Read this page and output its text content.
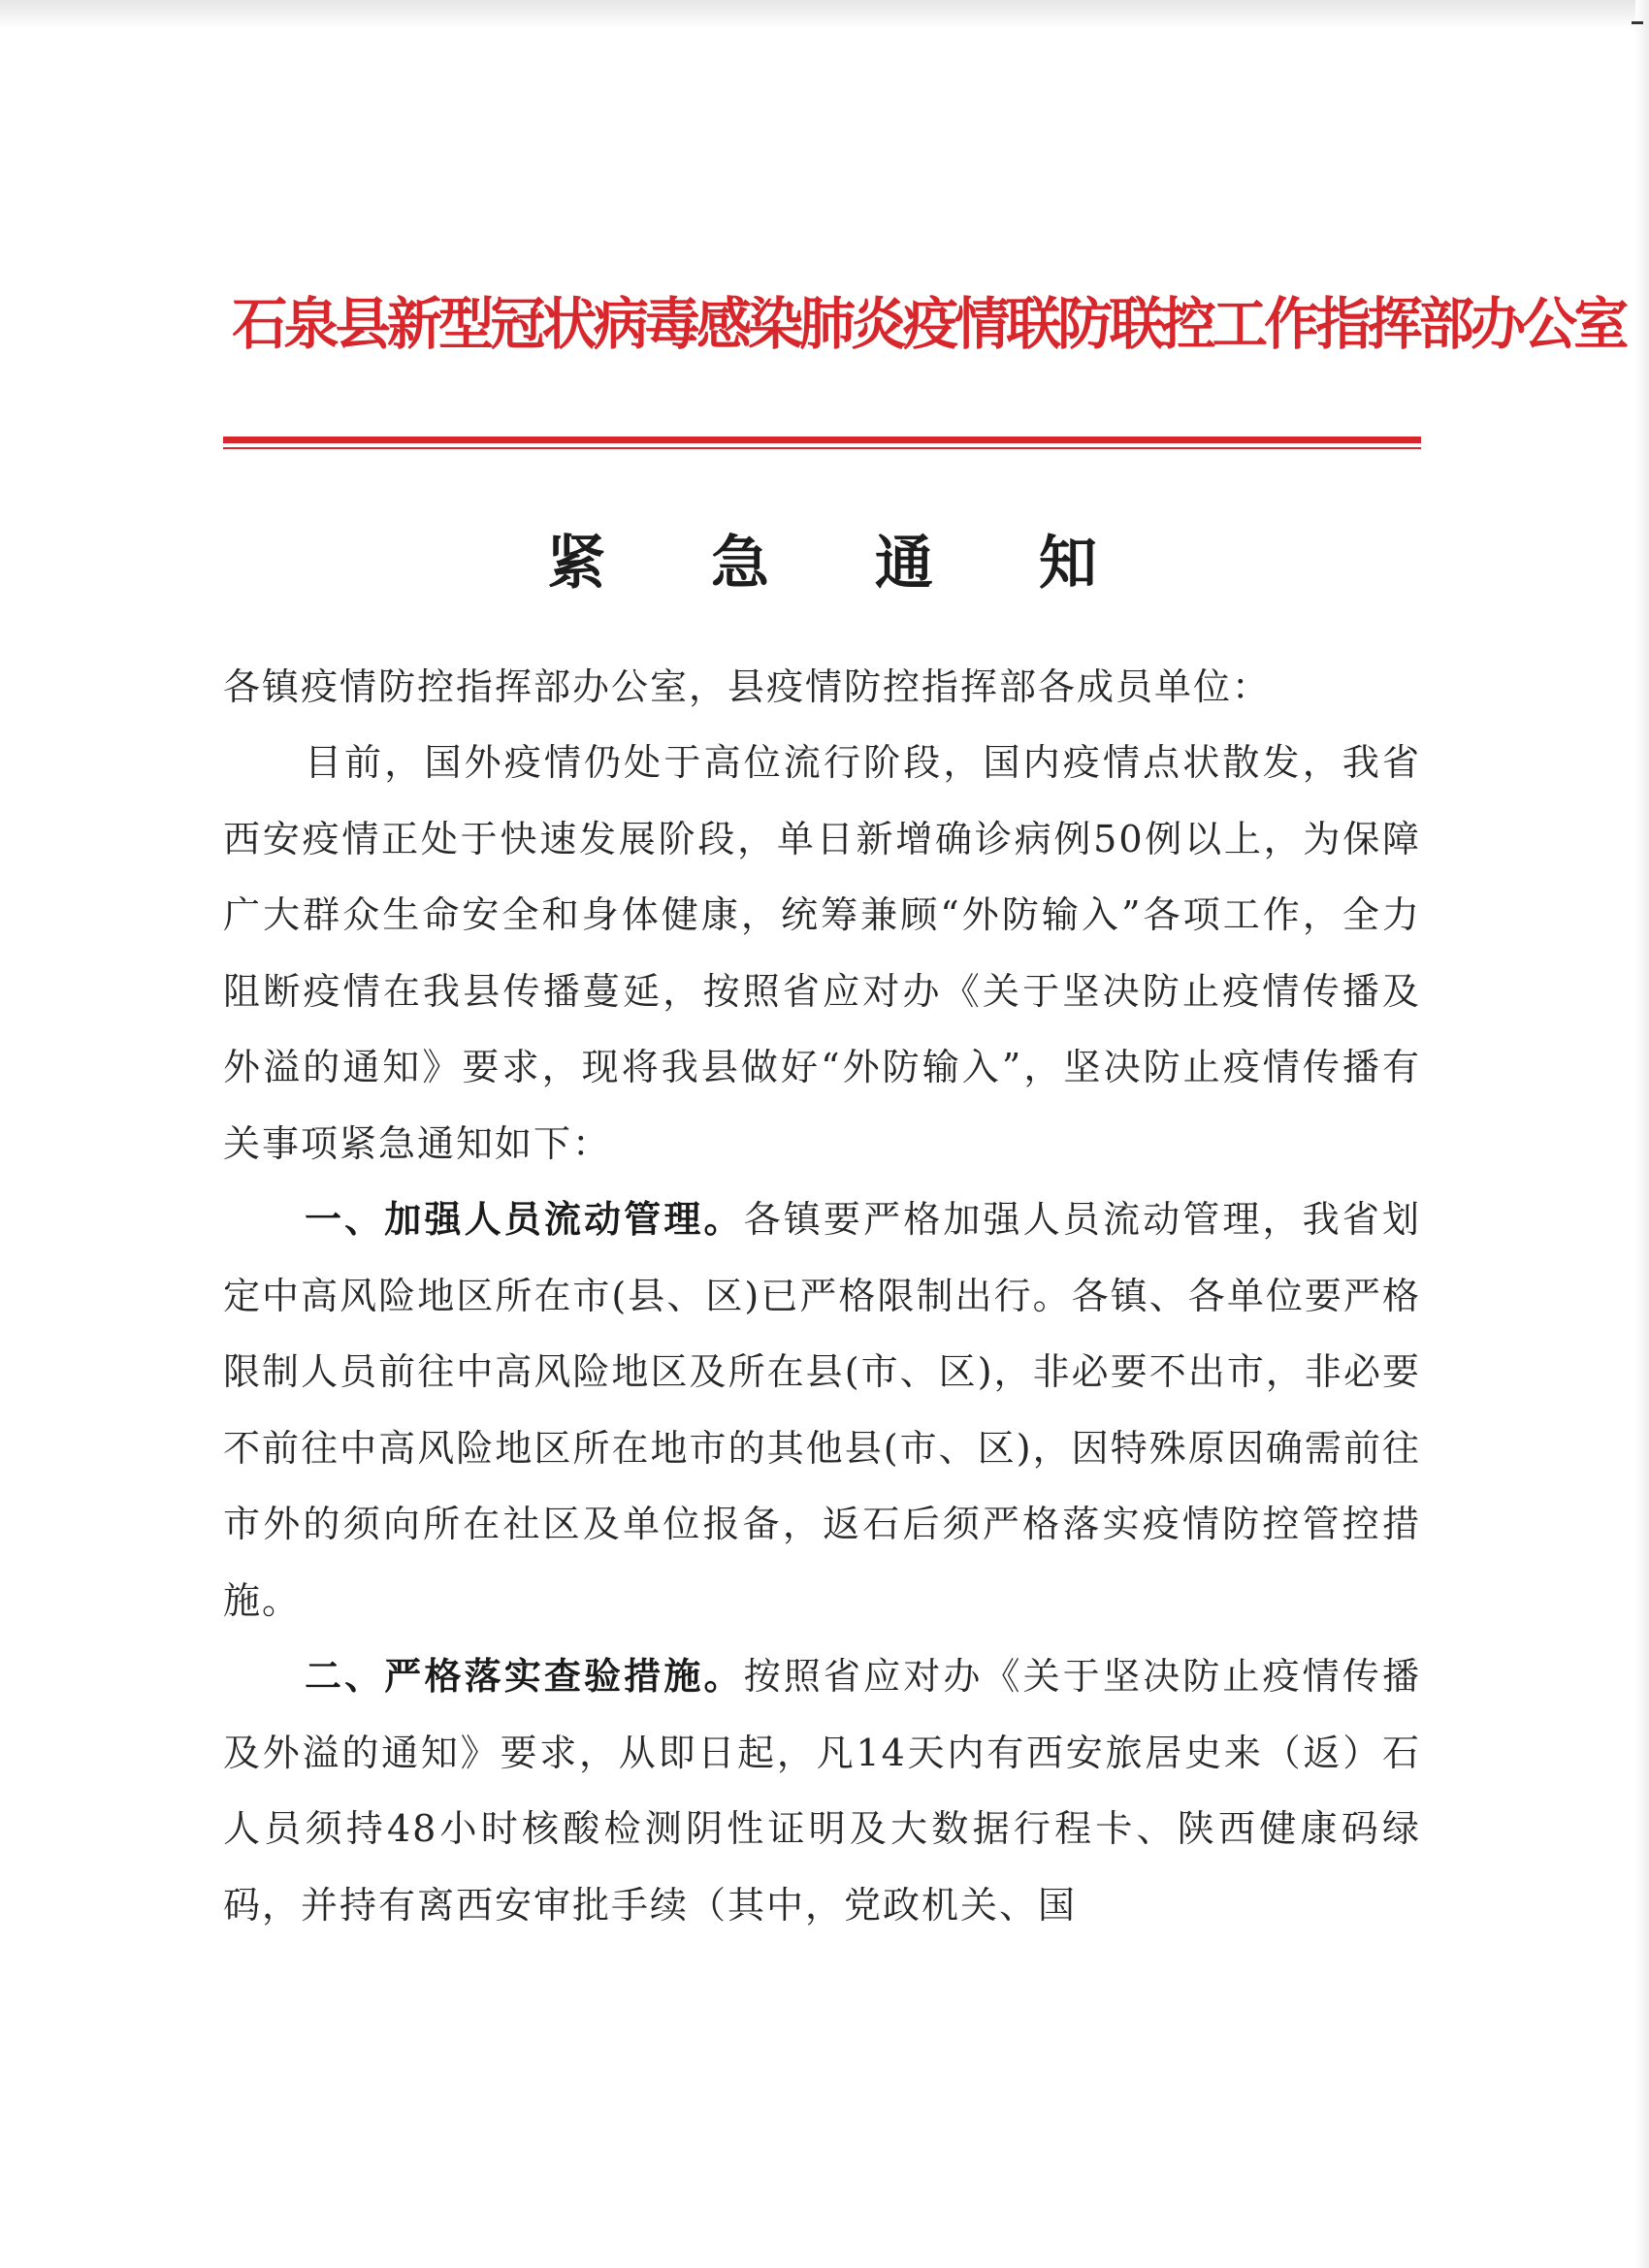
石泉县新型冠状病毒感染肺炎疫情联防联控工作指挥部办公室
紧 急 通 知

各镇疫情防控指挥部办公室，县疫情防控指挥部各成员单位：

目前，国外疫情仍处于高位流行阶段，国内疫情点状散发，我省西安疫情正处于快速发展阶段，单日新增确诊病例50例以上，为保障广大群众生命安全和身体健康，统筹兼顾“外防输入”各项工作，全力阻断疫情在我县传播蔓延，按照省应对办《关于坚决防止疫情传播及外溢的通知》要求，现将我县做好“外防输入”，坚决防止疫情传播有关事项紧急通知如下：

一、加强人员流动管理。各镇要严格加强人员流动管理，我省划定中高风险地区所在市(县、区)已严格限制出行。各镇、各单位要严格限制人员前往中高风险地区及所在县(市、区)，非必要不出市，非必要不前往中高风险地区所在地市的其他县(市、区)，因特殊原因确需前往市外的须向所在社区及单位报备，返石后须严格落实疫情防控管控措施。

二、严格落实查验措施。按照省应对办《关于坚决防止疫情传播及外溢的通知》要求，从即日起，凡14天内有西安旅居史来（返）石人员须持48小时核酸检测阴性证明及大数据行程卡、陕西健康码绿码，并持有离西安审批手续（其中，党政机关、国
